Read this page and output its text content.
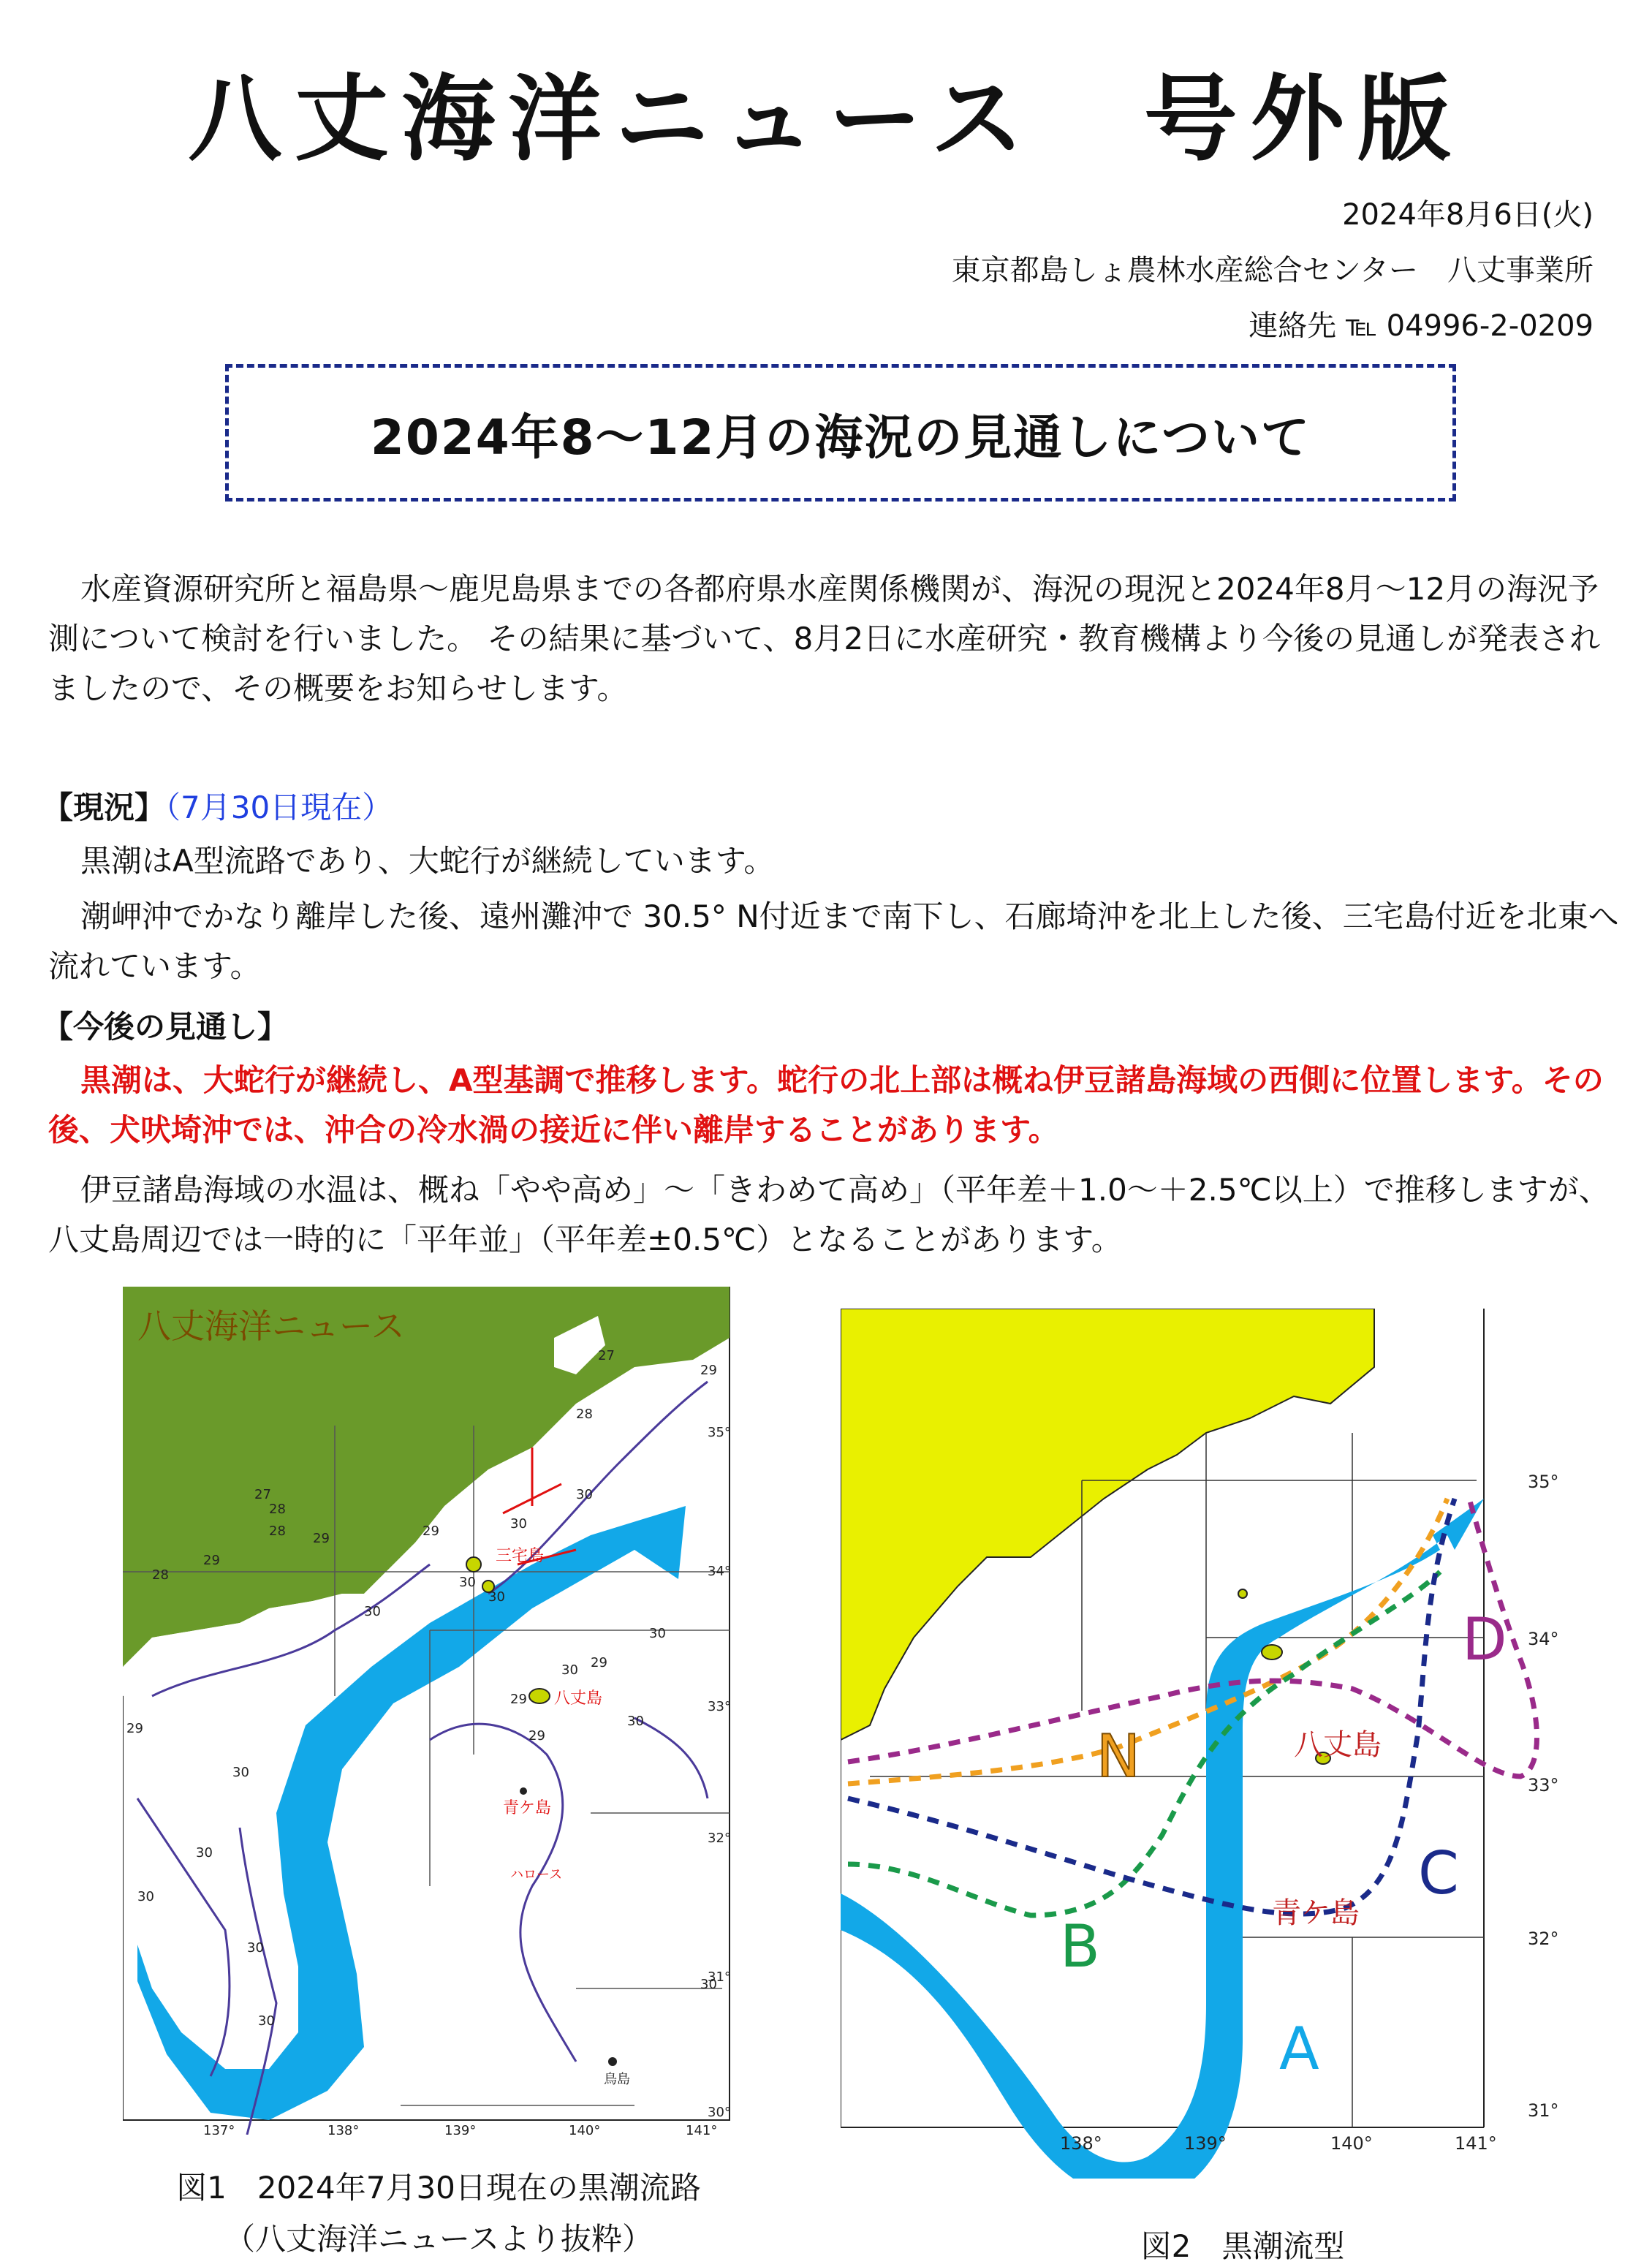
八丈海洋ニュース　号外版
2024年8月6日(火)
東京都島しょ農林水産総合センター　八丈事業所
連絡先 ℡ 04996-2-0209
2024年8～12月の海況の見通しについて
水産資源研究所と福島県～鹿児島県までの各都府県水産関係機関が、海況の現況と2024年8月～12月の海況予測について検討を行いました。 その結果に基づいて、8月2日に水産研究・教育機構より今後の見通しが発表されましたので、その概要をお知らせします。
【現況】（7月30日現在）
黒潮はA型流路であり、大蛇行が継続しています。
潮岬沖でかなり離岸した後、遠州灘沖で 30.5° N付近まで南下し、石廊埼沖を北上した後、三宅島付近を北東へ流れています。
【今後の見通し】
黒潮は、大蛇行が継続し、A型基調で推移します。蛇行の北上部は概ね伊豆諸島海域の西側に位置します。その後、犬吠埼沖では、沖合の冷水渦の接近に伴い離岸することがあります。
伊豆諸島海域の水温は、概ね「やや高め」～「きわめて高め」（平年差＋1.0～＋2.5℃以上）で推移しますが、八丈島周辺では一時的に「平年並」（平年差±0.5℃）となることがあります。
八丈海洋ニュース
三宅島
八丈島
青ケ島
ハロース
鳥島
27
28
28
27
28
29
29
28
29	30
30
30
30
30
29
29
30
29
30
30
29
30
30
30
30
30
30
29
137°	138°	139°	140°	141°
35°
34°
33°
32°
31°
30°
図1　2024年7月30日現在の黒潮流路
（八丈海洋ニュースより抜粋）
N
B
A
C
D
八丈島
青ケ島
138°	139°	140°	141°
35°
34°
33°
32°
31°
図2　黒潮流型
